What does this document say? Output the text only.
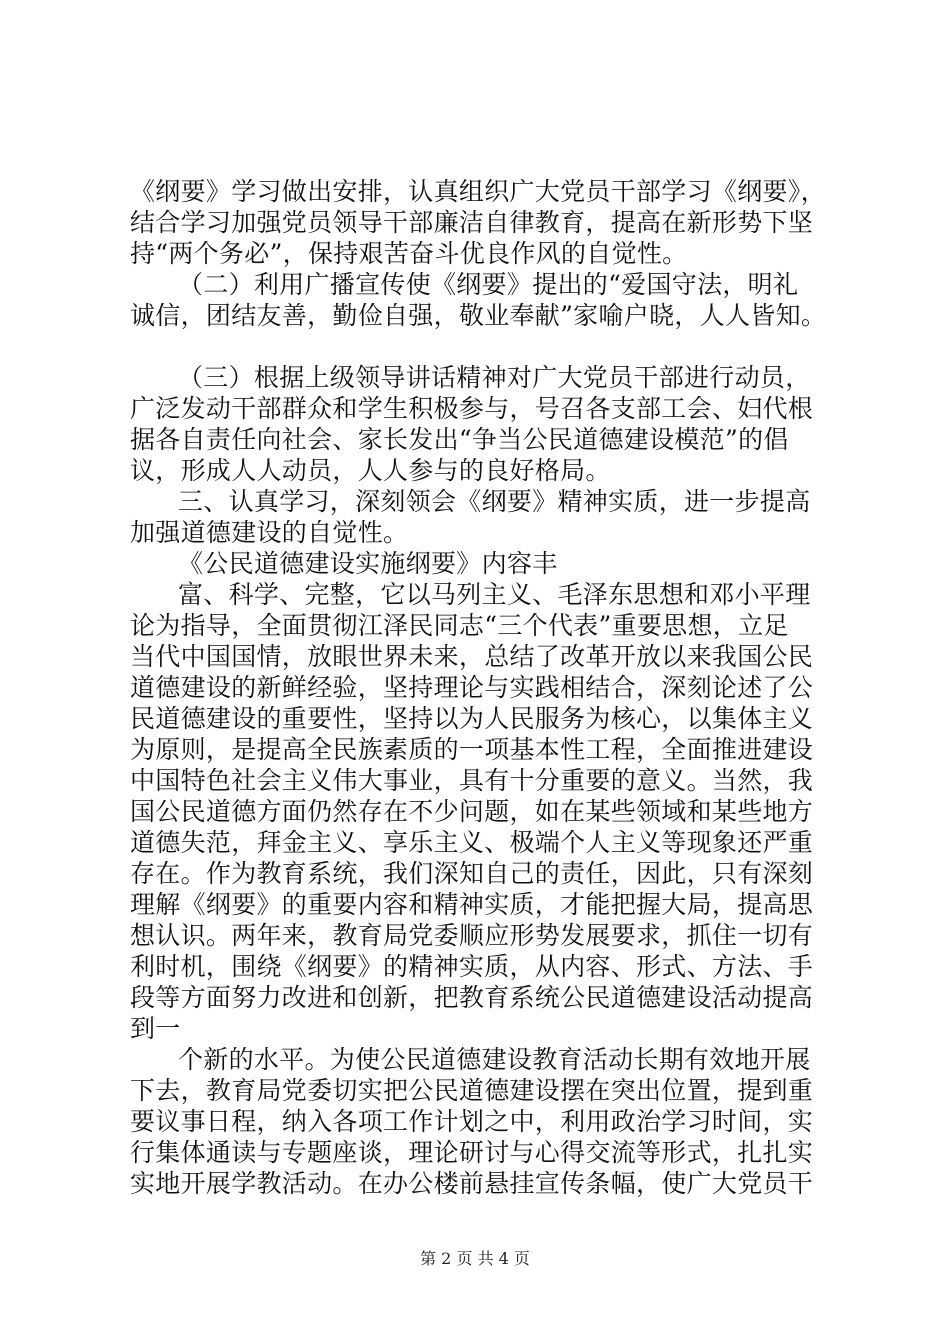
《纲要》学习做出安排，认真组织广大党员干部学习《纲要》，
结合学习加强党员领导干部廉洁自律教育，提高在新形势下坚
持“两个务必”，保持艰苦奋斗优良作风的自觉性。
（二）利用广播宣传使《纲要》提出的“爱国守法，明礼
诚信，团结友善，勤俭自强，敬业奉献”家喻户晓，人人皆知。
（三）根据上级领导讲话精神对广大党员干部进行动员，
广泛发动干部群众和学生积极参与，号召各支部工会、妇代根
据各自责任向社会、家长发出“争当公民道德建设模范”的倡
议，形成人人动员，人人参与的良好格局。
三、认真学习，深刻领会《纲要》精神实质，进一步提高
加强道德建设的自觉性。
《公民道德建设实施纲要》内容丰
富、科学、完整，它以马列主义、毛泽东思想和邓小平理
论为指导，全面贯彻江泽民同志“三个代表”重要思想，立足
当代中国国情，放眼世界未来，总结了改革开放以来我国公民
道德建设的新鲜经验，坚持理论与实践相结合，深刻论述了公
民道德建设的重要性，坚持以为人民服务为核心，以集体主义
为原则，是提高全民族素质的一项基本性工程，全面推进建设
中国特色社会主义伟大事业，具有十分重要的意义。当然，我
国公民道德方面仍然存在不少问题，如在某些领域和某些地方
道德失范，拜金主义、享乐主义、极端个人主义等现象还严重
存在。作为教育系统，我们深知自己的责任，因此，只有深刻
理解《纲要》的重要内容和精神实质，才能把握大局，提高思
想认识。两年来，教育局党委顺应形势发展要求，抓住一切有
利时机，围绕《纲要》的精神实质，从内容、形式、方法、手
段等方面努力改进和创新，把教育系统公民道德建设活动提高
到一
个新的水平。为使公民道德建设教育活动长期有效地开展
下去，教育局党委切实把公民道德建设摆在突出位置，提到重
要议事日程，纳入各项工作计划之中，利用政治学习时间，实
行集体通读与专题座谈，理论研讨与心得交流等形式，扎扎实
实地开展学教活动。在办公楼前悬挂宣传条幅，使广大党员干
第 2 页 共 4 页
